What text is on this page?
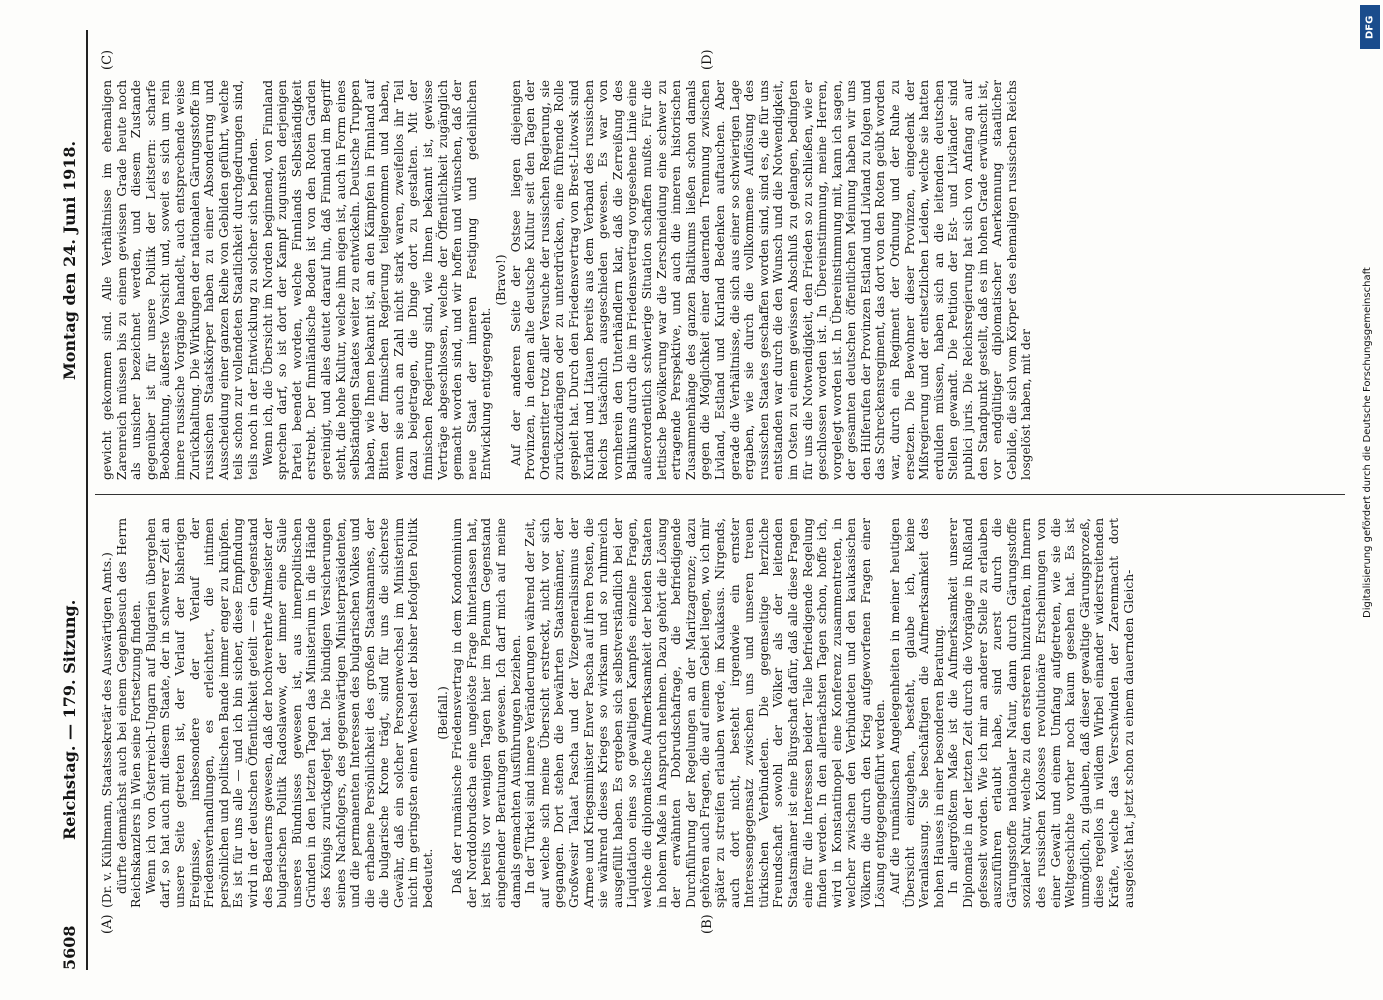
5608
Reichstag. — 179. Sitzung.
Montag den 24. Juni 1918.
(A)	(B)
(C)	(D)

(Dr. v. Kühlmann, Staatssekretär des Auswärtigen Amts.) dürfte demnächst auch bei einem Gegenbesuch des Herrn Reichskanzlers in Wien seine Fortsetzung finden. Wenn ich von Österreich-Ungarn auf Bulgarien übergehen darf, so hat auch mit diesem Staate, der in schwerer Zeit an unsere Seite getreten ist, der Verlauf der bisherigen Ereignisse, insbesondere der Verlauf der Friedensverhandlungen, es erleichtert, die intimen persönlichen und politischen Bande immer enger zu knüpfen. Es ist für uns alle — und ich bin sicher, diese Empfindung wird in der deutschen Öffentlichkeit geteilt — ein Gegenstand des Bedauerns gewesen, daß der hochverehrte Altmeister der bulgarischen Politik Radoslawow, der immer eine Säule unseres Bündnisses gewesen ist, aus innerpolitischen Gründen in den letzten Tagen das Ministerium in die Hände des Königs zurückgelegt hat. Die bündigen Versicherungen seines Nachfolgers, des gegenwärtigen Ministerpräsidenten, und die permanenten Interessen des bulgarischen Volkes und die erhabene Persönlichkeit des großen Staatsmannes, der die bulgarische Krone trägt, sind für uns die sicherste Gewähr, daß ein solcher Personenwechsel im Ministerium nicht im geringsten einen Wechsel der bisher befolgten Politik bedeutet.

(Beifall.) Daß der rumänische Friedensvertrag in dem Kondominium der Norddobrudscha eine ungelöste Frage hinterlassen hat, ist bereits vor wenigen Tagen hier im Plenum Gegenstand eingehender Beratungen gewesen. Ich darf mich auf meine damals gemachten Ausführungen beziehen. In der Türkei sind innere Veränderungen während der Zeit, auf welche sich meine Übersicht erstreckt, nicht vor sich gegangen. Dort stehen die bewährten Staatsmänner, der Großwesir Talaat Pascha und der Vizegeneralissimus der Armee und Kriegsminister Enver Pascha auf ihren Posten, die sie während dieses Krieges so wirksam und so ruhmreich ausgefüllt haben. Es ergeben sich selbstverständlich bei der Liquidation eines so gewaltigen Kampfes einzelne Fragen, welche die diplomatische Aufmerksamkeit der beiden Staaten in hohem Maße in Anspruch nehmen. Dazu gehört die Lösung der erwähnten Dobrudschafrage, die befriedigende Durchführung der Regelungen an der Maritzagrenze; dazu gehören auch Fragen, die auf einem Gebiet liegen, wo ich mir später zu streifen erlauben werde, im Kaukasus. Nirgends, auch dort nicht, besteht irgendwie ein ernster Interessengegensatz zwischen uns und unseren treuen türkischen Verbündeten. Die gegenseitige herzliche Freundschaft sowohl der Völker als der leitenden Staatsmänner ist eine Bürgschaft dafür, daß alle diese Fragen eine für die Interessen beider Teile befriedigende Regelung finden werden. In den allernächsten Tagen schon, hoffe ich, wird in Konstantinopel eine Konferenz zusammentreten, in welcher zwischen den Verbündeten und den kaukasischen Völkern die durch den Krieg aufgeworfenen Fragen einer Lösung entgegengeführt werden. Auf die rumänischen Angelegenheiten in meiner heutigen Übersicht einzugehen, besteht, glaube ich, keine Veranlassung. Sie beschäftigen die Aufmerksamkeit des hohen Hauses in einer besonderen Beratung. In allergrößtem Maße ist die Aufmerksamkeit unserer Diplomatie in der letzten Zeit durch die Vorgänge in Rußland gefesselt worden. Wie ich mir an anderer Stelle zu erlauben auszuführen erlaubt habe, sind zuerst durch die Gärungsstoffe nationaler Natur, dann durch Gärungsstoffe sozialer Natur, welche zu den ersteren hinzutraten, im Innern des russischen Kolosses revolutionäre Erscheinungen von einer Gewalt und einem Umfang aufgetreten, wie sie die Weltgeschichte vorher noch kaum gesehen hat. Es ist unmöglich, zu glauben, daß dieser gewaltige Gärungsprozeß, diese regellos in wildem Wirbel einander widerstreitenden Kräfte, welche das Verschwinden der Zarenmacht dort ausgelöst hat, jetzt schon zu einem dauernden Gleich-

gewicht gekommen sind. Alle Verhältnisse im ehemaligen Zarenreich müssen bis zu einem gewissen Grade heute noch als unsicher bezeichnet werden, und diesem Zustande gegenüber ist für unsere Politik der Leitstern: scharfe Beobachtung, äußerste Vorsicht und, soweit es sich um rein innere russische Vorgänge handelt, auch entsprechende weise Zurückhaltung. Die Wirkungen der nationalen Gärungsstoffe im russischen Staatskörper haben zu einer Absonderung und Ausscheidung einer ganzen Reihe von Gebilden geführt, welche teils schon zur vollendeten Staatlichkeit durchgedrungen sind, teils noch in der Entwicklung zu solcher sich befinden. Wenn ich, die Übersicht im Norden beginnend, von Finnland sprechen darf, so ist dort der Kampf zugunsten derjenigen Partei beendet worden, welche Finnlands Selbständigkeit erstrebt. Der finnländische Boden ist von den Roten Garden gereinigt, und alles deutet darauf hin, daß Finnland im Begriff steht, die hohe Kultur, welche ihm eigen ist, auch in Form eines selbständigen Staates weiter zu entwickeln. Deutsche Truppen haben, wie Ihnen bekannt ist, an den Kämpfen in Finnland auf Bitten der finnischen Regierung teilgenommen und haben, wenn sie auch an Zahl nicht stark waren, zweifellos ihr Teil dazu beigetragen, die Dinge dort zu gestalten. Mit der finnischen Regierung sind, wie Ihnen bekannt ist, gewisse Verträge abgeschlossen, welche der Öffentlichkeit zugänglich gemacht worden sind, und wir hoffen und wünschen, daß der neue Staat der inneren Festigung und gedeihlichen Entwicklung entgegengeht.

(Bravo!) Auf der anderen Seite der Ostsee liegen diejenigen Provinzen, in denen alte deutsche Kultur seit den Tagen der Ordensritter trotz aller Versuche der russischen Regierung, sie zurückzudrängen oder zu unterdrücken, eine führende Rolle gespielt hat. Durch den Friedensvertrag von Brest-Litowsk sind Kurland und Litauen bereits aus dem Verband des russischen Reichs tatsächlich ausgeschieden gewesen. Es war von vornherein den Unterhändlern klar, daß die Zerreißung des Baltikums durch die im Friedensvertrag vorgesehene Linie eine außerordentlich schwierige Situation schaffen mußte. Für die lettische Bevölkerung war die Zerschneidung eine schwer zu ertragende Perspektive, und auch die inneren historischen Zusammenhänge des ganzen Baltikums ließen schon damals gegen die Möglichkeit einer dauernden Trennung zwischen Livland, Estland und Kurland Bedenken auftauchen. Aber gerade die Verhältnisse, die sich aus einer so schwierigen Lage ergaben, wie sie durch die vollkommene Auflösung des russischen Staates geschaffen worden sind, sind es, die für uns entstanden war durch die den Wunsch und die Notwendigkeit, im Osten zu einem gewissen Abschluß zu gelangen, bedingten für uns die Notwendigkeit, den Frieden so zu schließen, wie er geschlossen worden ist. In Übereinstimmung, meine Herren, vorgelegt worden ist. In Übereinstimmung mit, kann ich sagen, der gesamten deutschen öffentlichen Meinung haben wir uns den Hilferufen der Provinzen Estland und Livland zu folgen und das Schreckensregiment, das dort von den Roten geübt worden war, durch ein Regiment der Ordnung und der Ruhe zu ersetzen. Die Bewohner dieser Provinzen, eingedenk der Mißregierung und der entsetzlichen Leiden, welche sie hatten erdulden müssen, haben sich an die leitenden deutschen Stellen gewandt. Die Petition der Est- und Livländer sind publici juris. Die Reichsregierung hat sich von Anfang an auf den Standpunkt gestellt, daß es im hohen Grade erwünscht ist, vor endgültiger diplomatischer Anerkennung staatlicher Gebilde, die sich vom Körper des ehemaligen russischen Reichs losgelöst haben, mit der

DFG
Digitalisierung gefördert durch die Deutsche Forschungsgemeinschaft
